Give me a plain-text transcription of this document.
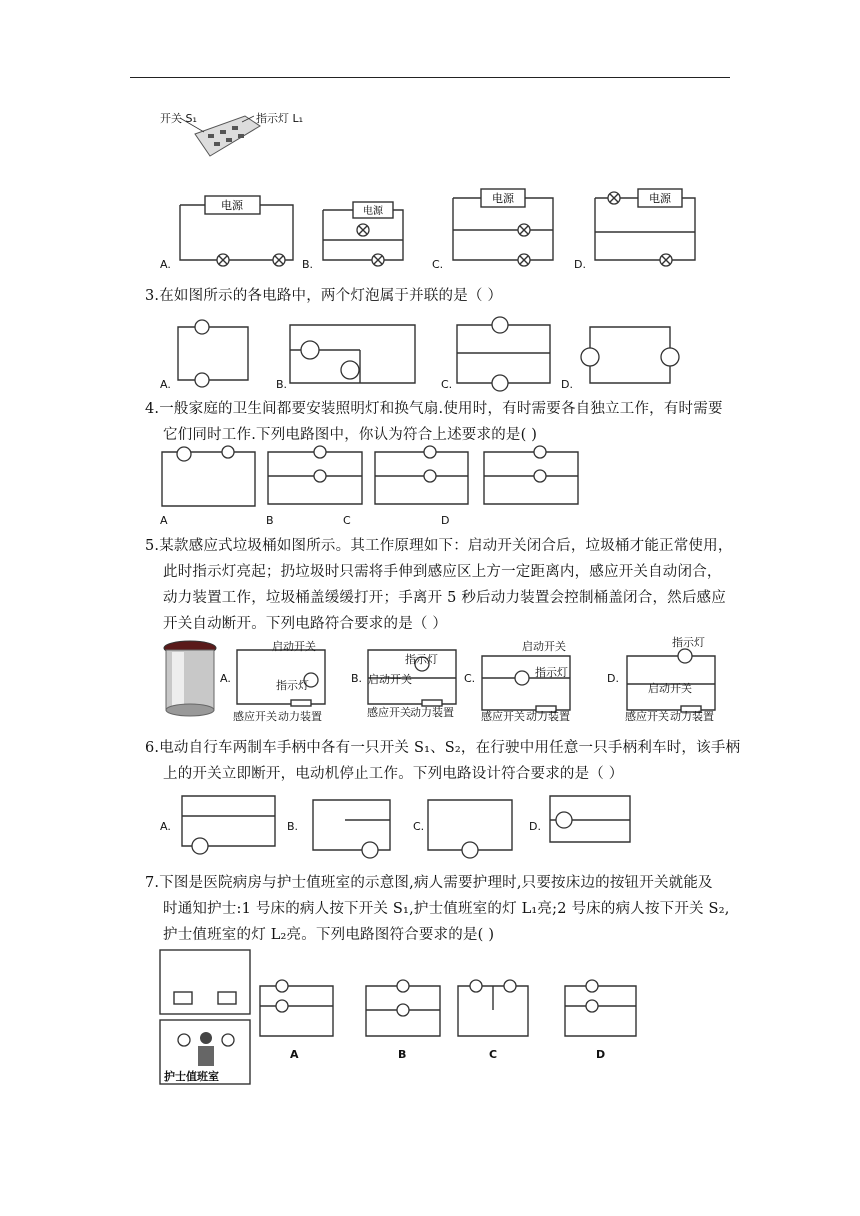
开关 S₁	指示灯 L₁
电源
A.
电源
B.
电源
C.
电源
D.
3.在如图所示的各电路中，两个灯泡属于并联的是（ ）
A.	B.	C.	D.
4.一般家庭的卫生间都要安装照明灯和换气扇.使用时，有时需要各自独立工作，有时需要
它们同时工作.下列电路图中，你认为符合上述要求的是( )
A	B	C	D
5.某款感应式垃圾桶如图所示。其工作原理如下：启动开关闭合后，垃圾桶才能正常使用，
此时指示灯亮起；扔垃圾时只需将手伸到感应区上方一定距离内，感应开关自动闭合，
动力装置工作，垃圾桶盖缓缓打开；手离开 5 秒后动力装置会控制桶盖闭合，然后感应
开关自动断开。下列电路符合要求的是（ ）
A.
启动开关
指示灯
感应开关 动力装置
B.
指示灯
启动开关
感应开关 动力装置
C.
启动开关
指示灯
感应开关 动力装置
D.
指示灯
启动开关
感应开关 动力装置
6.电动自行车两制车手柄中各有一只开关 S₁、S₂，在行驶中用任意一只手柄利车时，该手柄
上的开关立即断开，电动机停止工作。下列电路设计符合要求的是（ ）
A.	B.	C.	D.
7.下图是医院病房与护士值班室的示意图,病人需要护理时,只要按床边的按钮开关就能及
时通知护士:1 号床的病人按下开关 S₁,护士值班室的灯 L₁亮;2 号床的病人按下开关 S₂,
护士值班室的灯 L₂亮。下列电路图符合要求的是( )
护士值班室
A	B	C	D
